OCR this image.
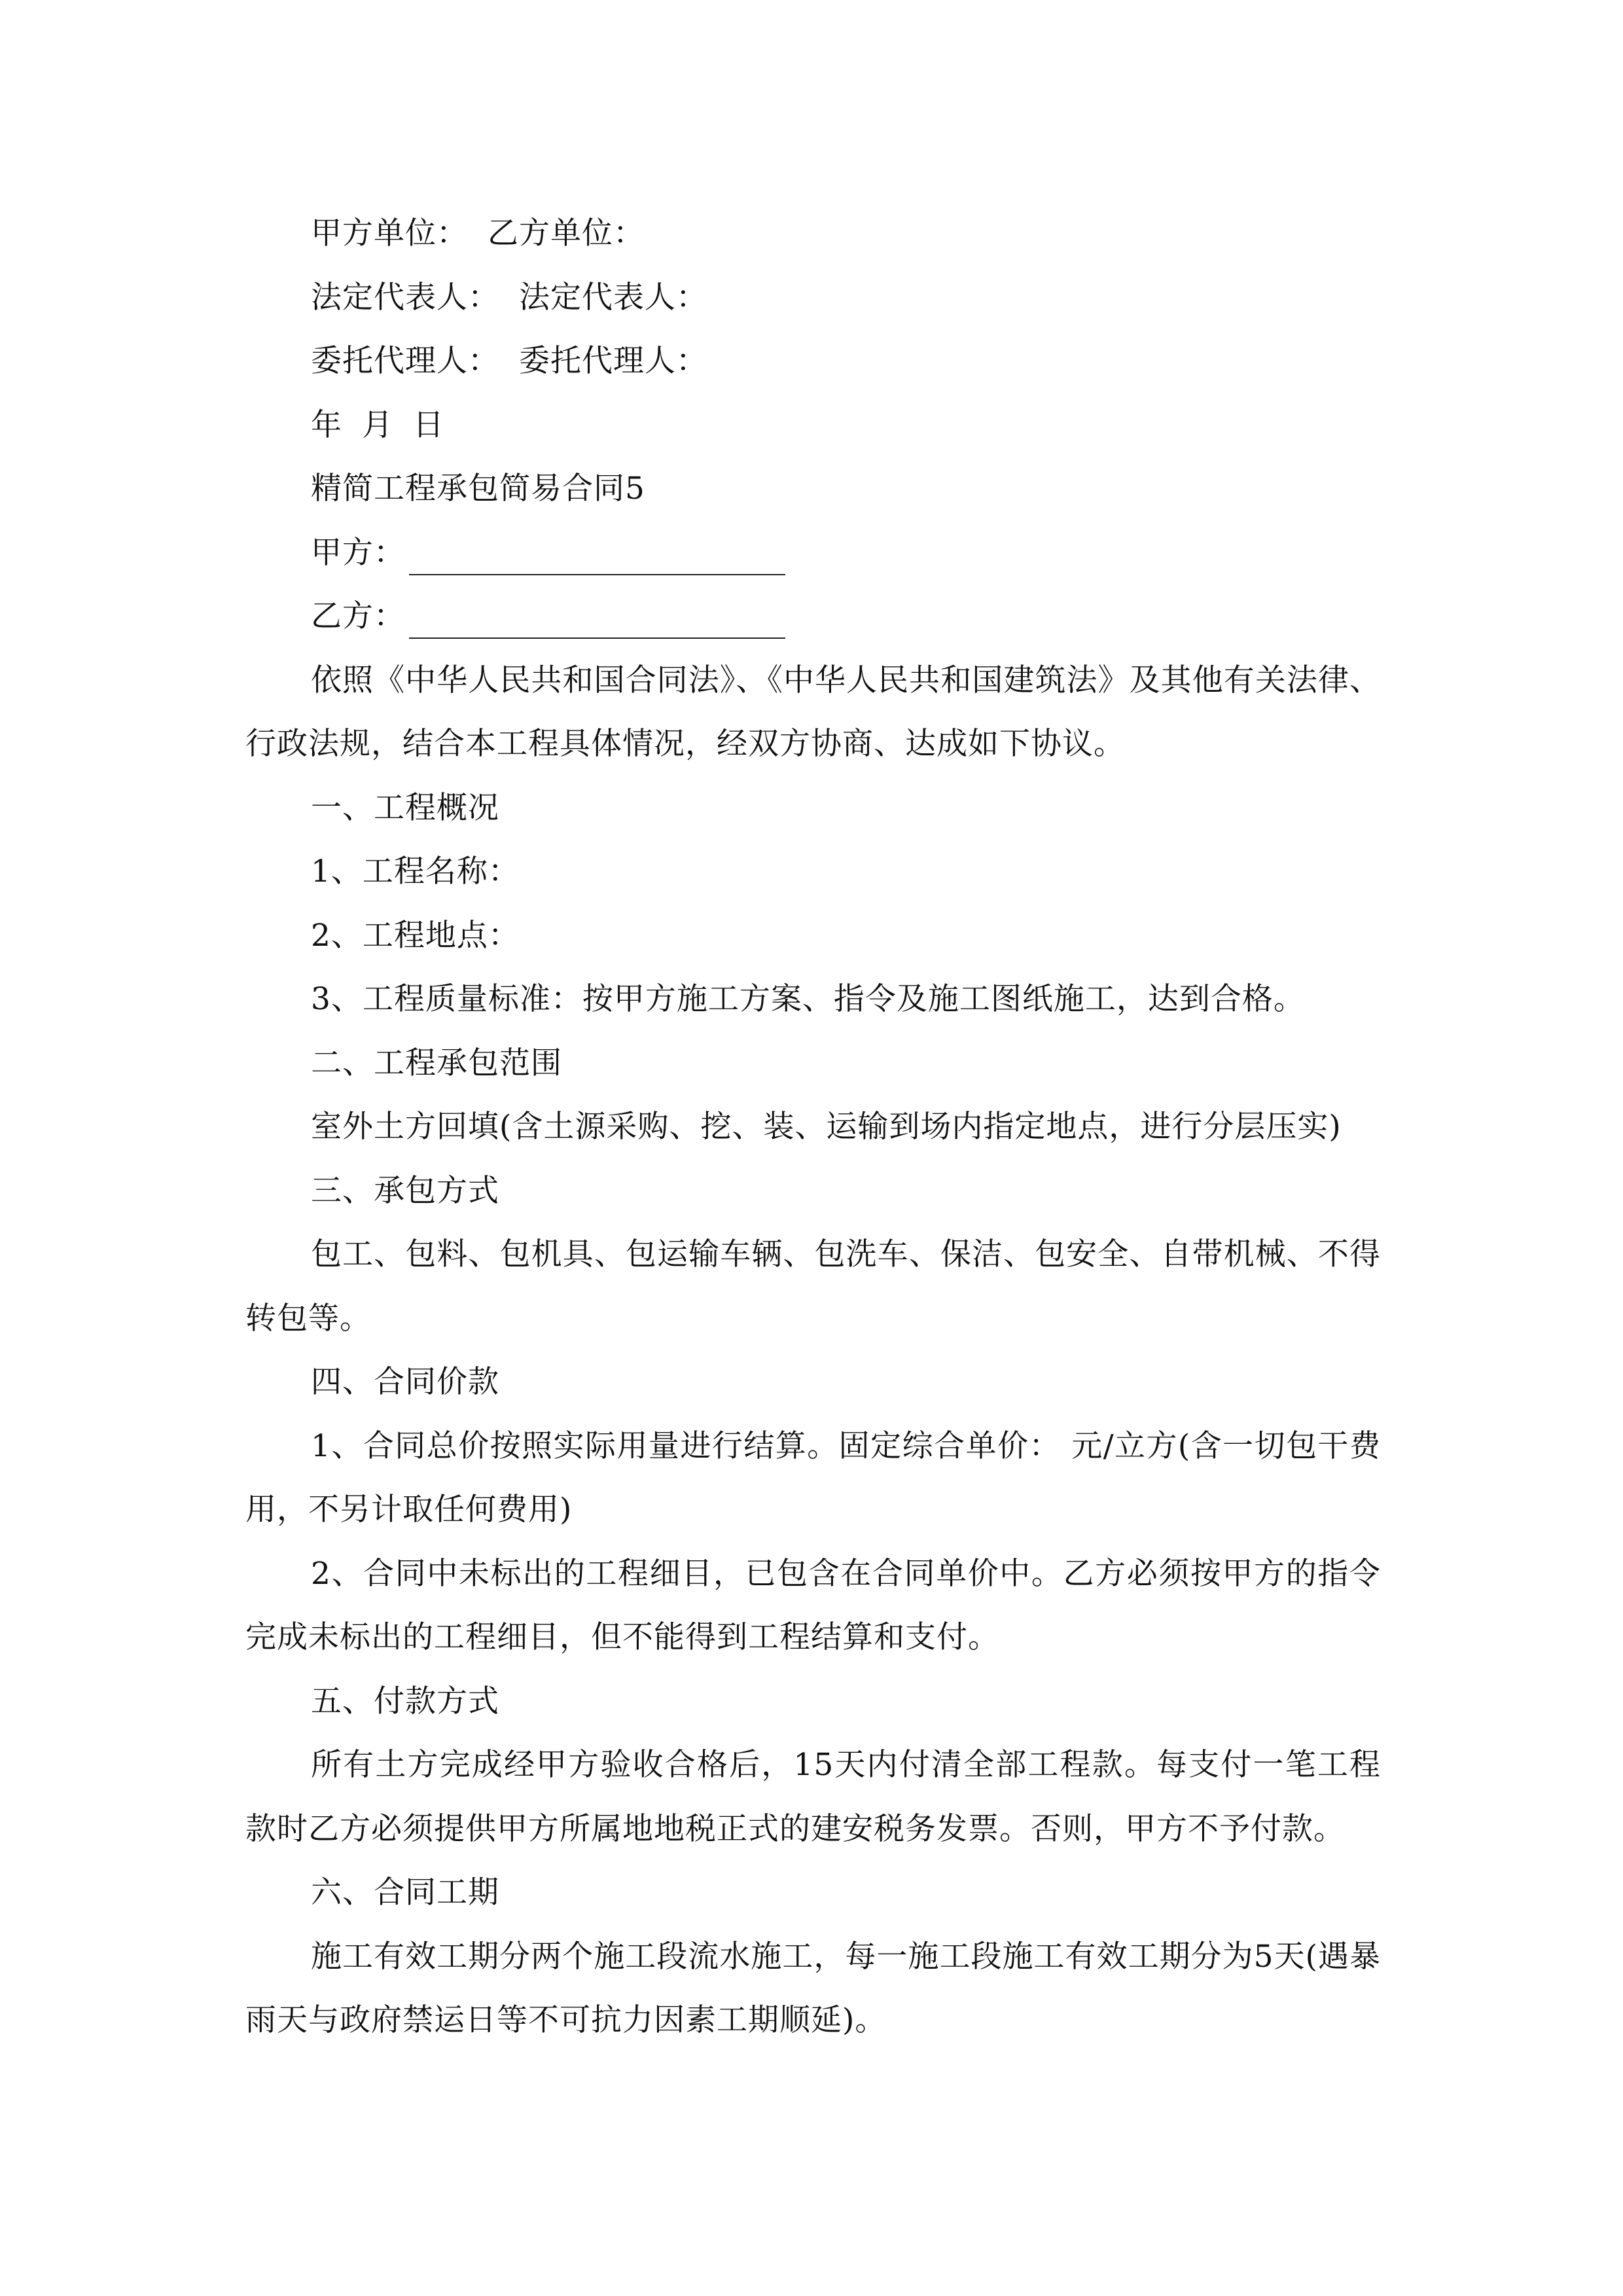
甲方单位： 乙方单位：
法定代表人： 法定代表人：
委托代理人： 委托代理人：
年 月 日
精简工程承包简易合同5
甲方：
乙方：
依照《中华人民共和国合同法》、《中华人民共和国建筑法》及其他有关法律、行政法规，结合本工程具体情况，经双方协商、达成如下协议。
一、工程概况
1、工程名称：
2、工程地点：
3、工程质量标准：按甲方施工方案、指令及施工图纸施工，达到合格。
二、工程承包范围
室外土方回填(含土源采购、挖、装、运输到场内指定地点，进行分层压实)
三、承包方式
包工、包料、包机具、包运输车辆、包洗车、保洁、包安全、自带机械、不得转包等。
四、合同价款
1、合同总价按照实际用量进行结算。固定综合单价： 元/立方(含一切包干费用，不另计取任何费用)
2、合同中未标出的工程细目，已包含在合同单价中。乙方必须按甲方的指令完成未标出的工程细目，但不能得到工程结算和支付。
五、付款方式
所有土方完成经甲方验收合格后，15天内付清全部工程款。每支付一笔工程款时乙方必须提供甲方所属地地税正式的建安税务发票。否则，甲方不予付款。
六、合同工期
施工有效工期分两个施工段流水施工，每一施工段施工有效工期分为5天(遇暴雨天与政府禁运日等不可抗力因素工期顺延)。
